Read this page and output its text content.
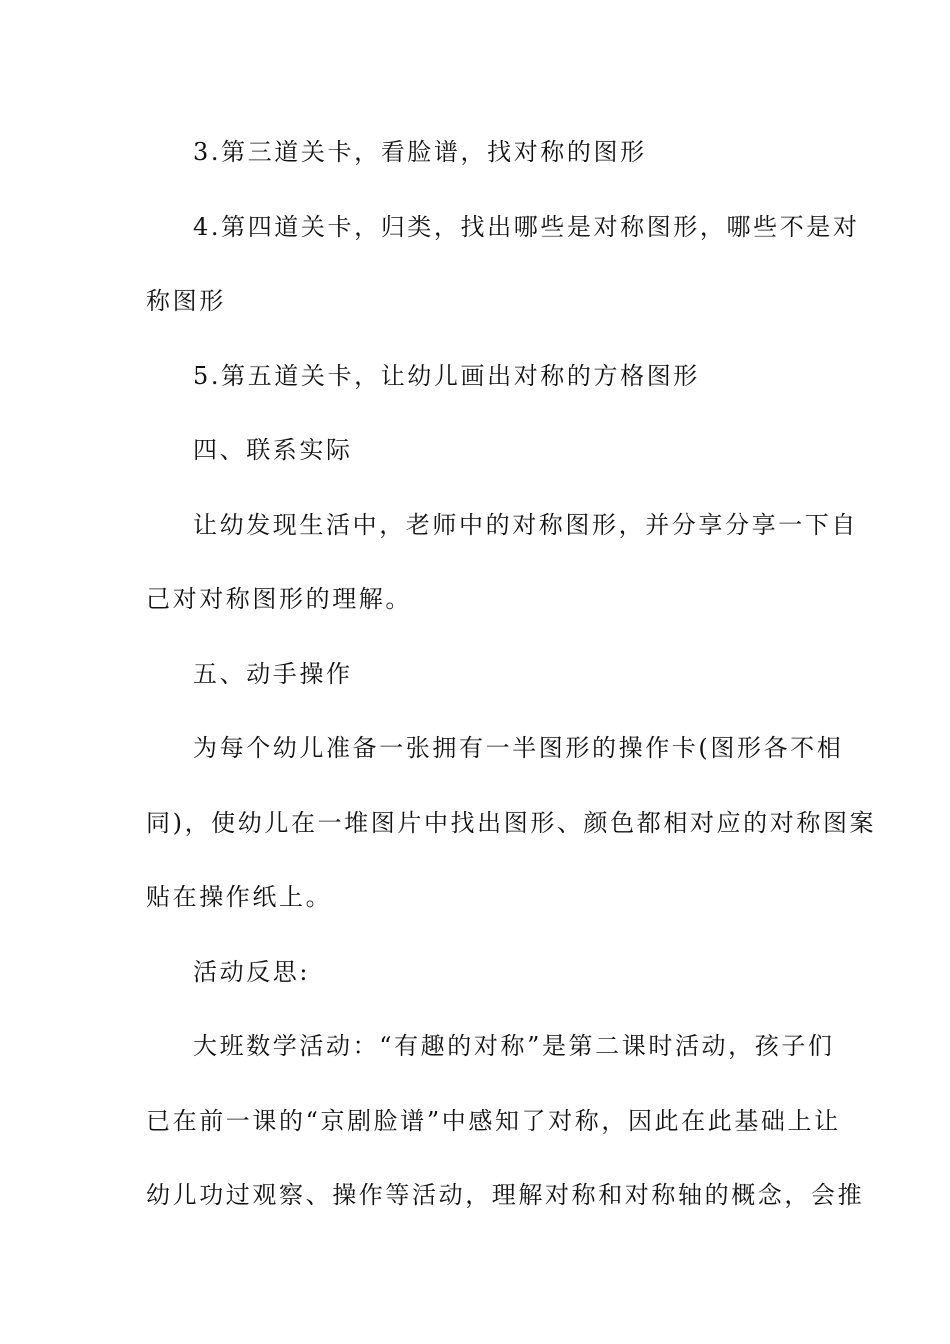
3.第三道关卡，看脸谱，找对称的图形
4.第四道关卡，归类，找出哪些是对称图形，哪些不是对
称图形
5.第五道关卡，让幼儿画出对称的方格图形
四、联系实际
让幼发现生活中，老师中的对称图形，并分享分享一下自
己对对称图形的理解。
五、动手操作
为每个幼儿准备一张拥有一半图形的操作卡(图形各不相
同)，使幼儿在一堆图片中找出图形、颜色都相对应的对称图案
贴在操作纸上。
活动反思:
大班数学活动：“有趣的对称”是第二课时活动，孩子们
已在前一课的“京剧脸谱”中感知了对称，因此在此基础上让
幼儿功过观察、操作等活动，理解对称和对称轴的概念，会推
